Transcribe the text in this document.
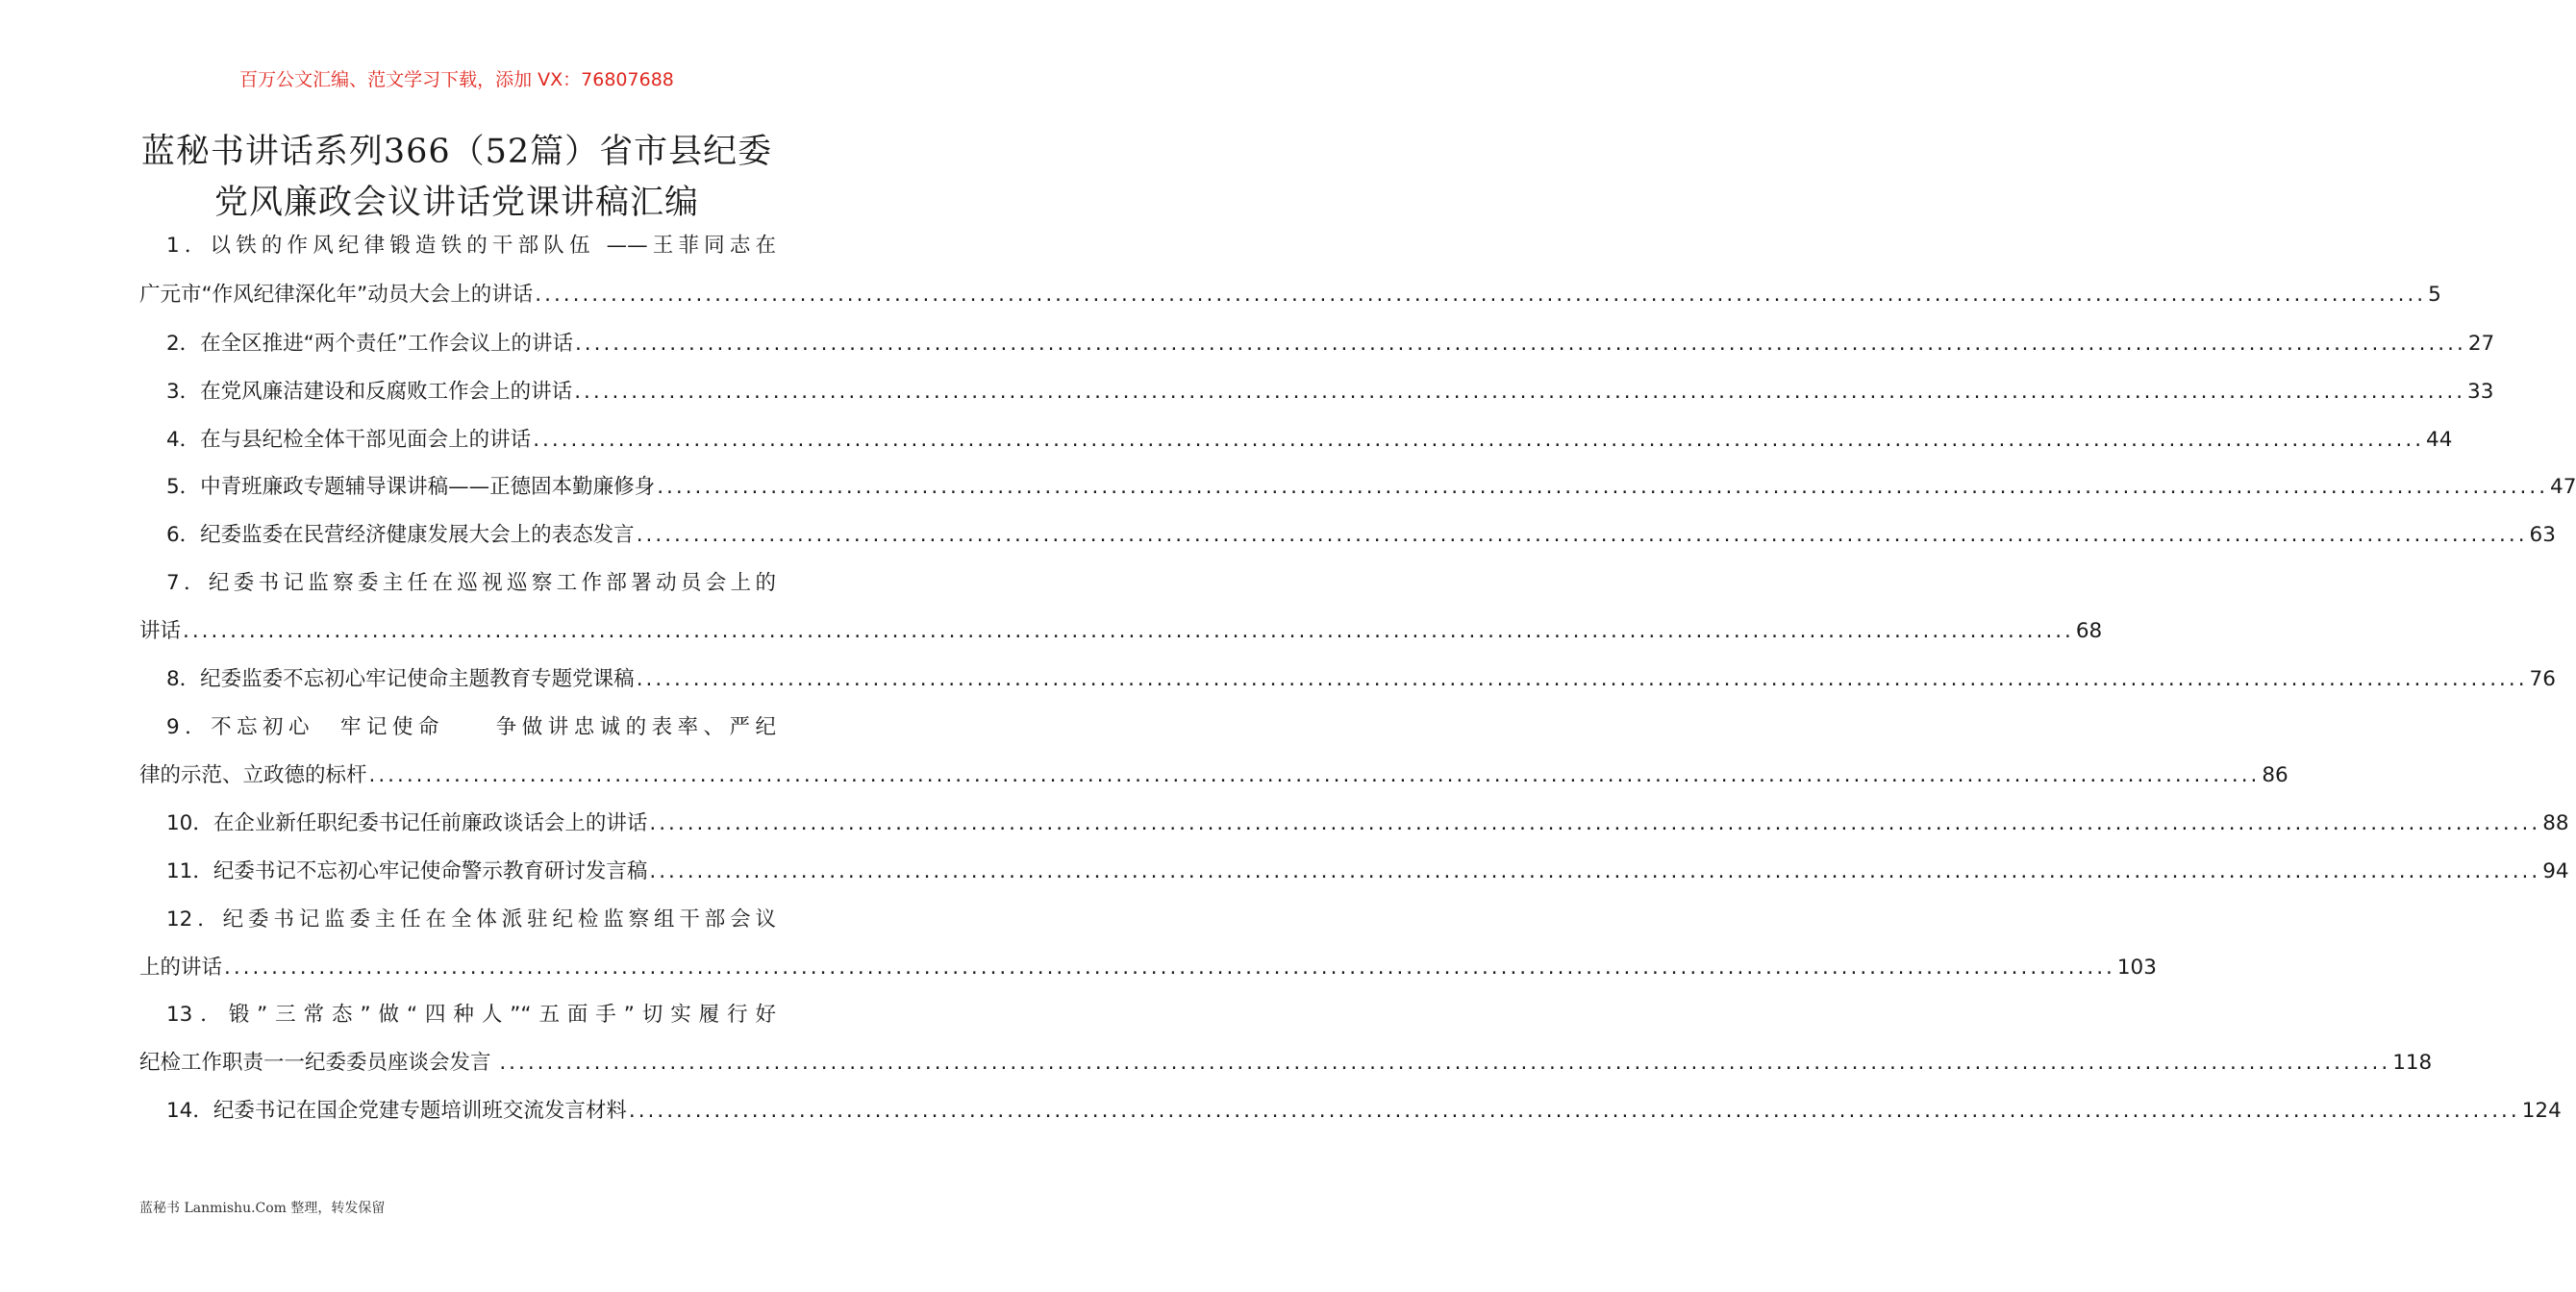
百万公文汇编、范文学习下载，添加 VX：76807688
蓝秘书讲话系列366（52篇）省市县纪委
党风廉政会议讲话党课讲稿汇编
1．以铁的作风纪律锻造铁的干部队伍 ——王菲同志在
广元市“作风纪律深化年”动员大会上的讲话 ........................................................................................................................................................................................................ 5
2．在全区推进“两个责任”工作会议上的讲话 ........................................................................................................................................................................................................ 27
3．在党风廉洁建设和反腐败工作会上的讲话 ........................................................................................................................................................................................................ 33
4．在与县纪检全体干部见面会上的讲话 ........................................................................................................................................................................................................ 44
5．中青班廉政专题辅导课讲稿——正德固本勤廉修身 ........................................................................................................................................................................................................ 47
6．纪委监委在民营经济健康发展大会上的表态发言 ........................................................................................................................................................................................................ 63
7．纪委书记监察委主任在巡视巡察工作部署动员会上的
讲话 ........................................................................................................................................................................................................ 68
8．纪委监委不忘初心牢记使命主题教育专题党课稿 ........................................................................................................................................................................................................ 76
9．不忘初心　牢记使命　　争做讲忠诚的表率、严纪
律的示范、立政德的标杆 ........................................................................................................................................................................................................ 86
10．在企业新任职纪委书记任前廉政谈话会上的讲话 ........................................................................................................................................................................................................ 88
11．纪委书记不忘初心牢记使命警示教育研讨发言稿 ........................................................................................................................................................................................................ 94
12．纪委书记监委主任在全体派驻纪检监察组干部会议
上的讲话 ........................................................................................................................................................................................................ 103
13．锻”三常态”做“四种人”“五面手”切实履行好
纪检工作职责一一纪委委员座谈会发言 ........................................................................................................................................................................................................ 118
14．纪委书记在国企党建专题培训班交流发言材料 ........................................................................................................................................................................................................ 124
蓝秘书 Lanmishu.Com 整理，转发保留
